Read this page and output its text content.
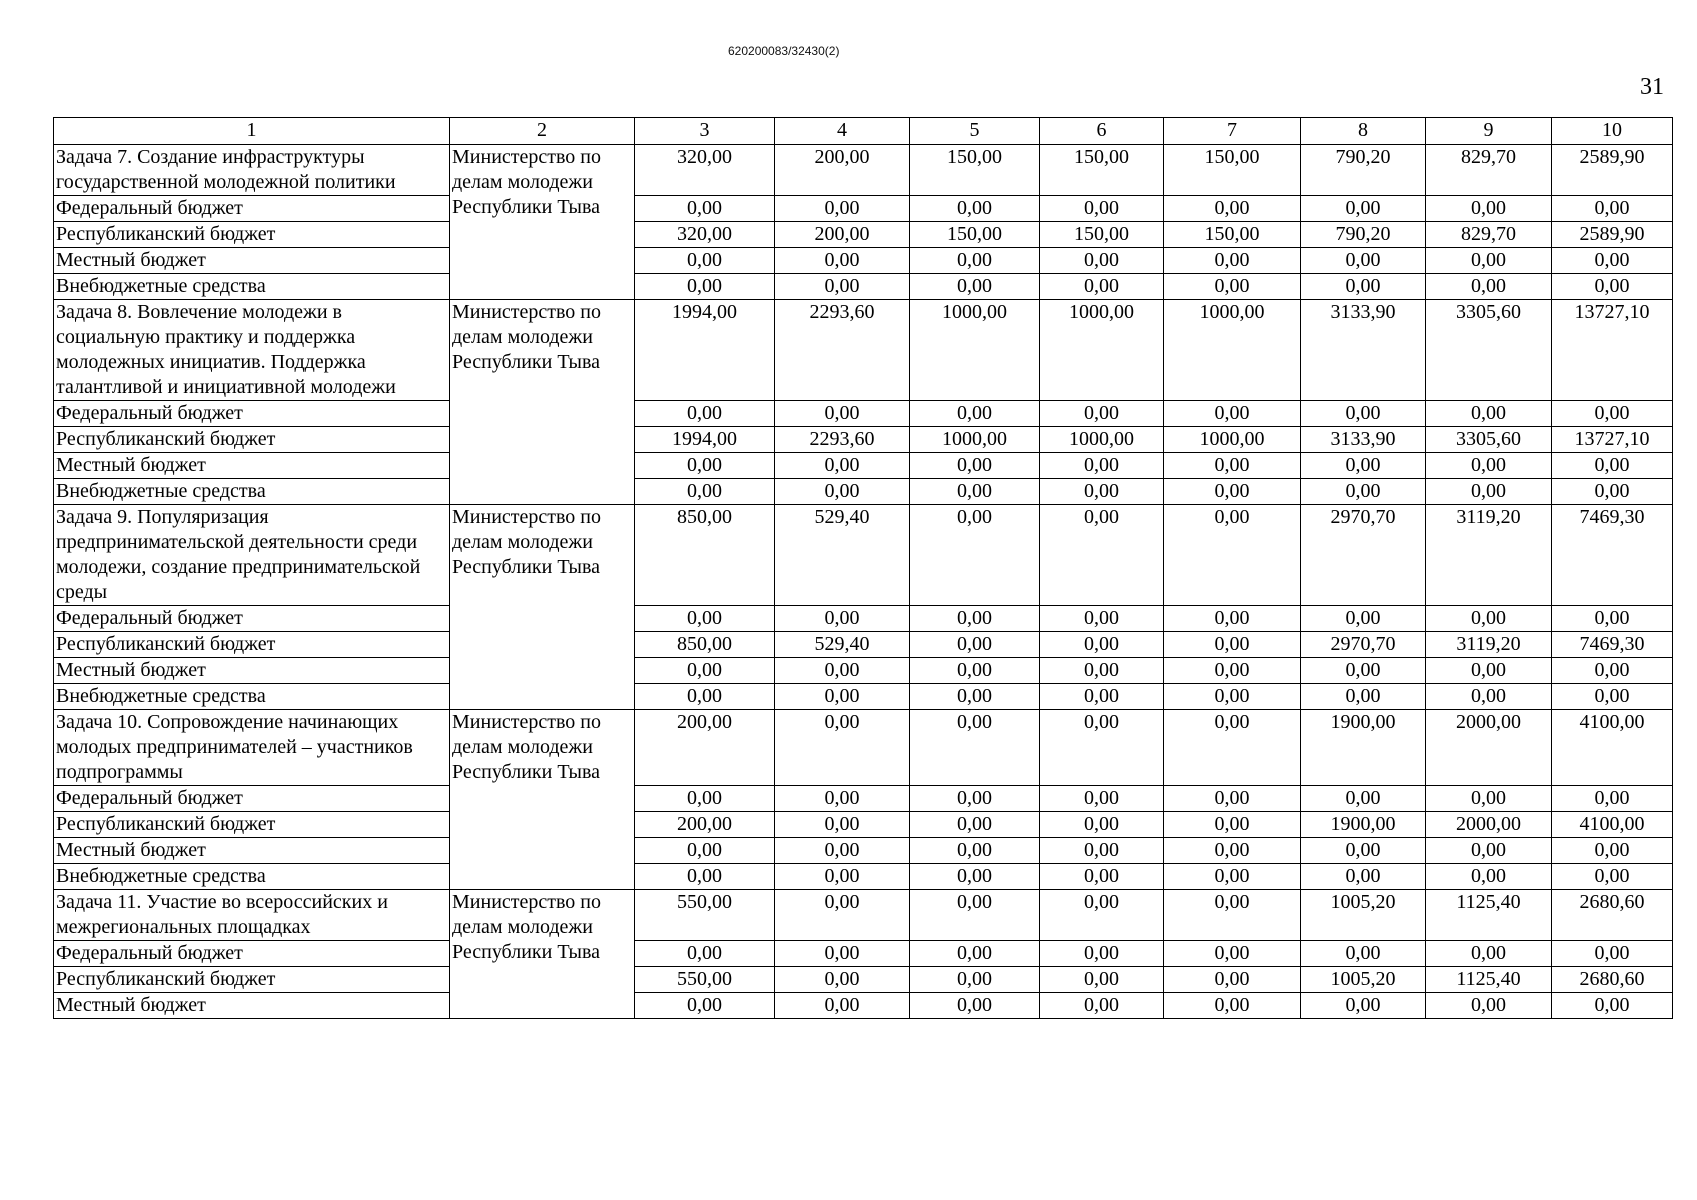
620200083/32430(2)
31
1	2	3	4	5	6	7	8	9	10
Задача 7. Создание инфраструктуры государственной молодежной политики	Министерство по делам молодежи Республики Тыва	320,00	200,00	150,00	150,00	150,00	790,20	829,70	2589,90
Федеральный бюджет		0,00	0,00	0,00	0,00	0,00	0,00	0,00	0,00
Республиканский бюджет		320,00	200,00	150,00	150,00	150,00	790,20	829,70	2589,90
Местный бюджет		0,00	0,00	0,00	0,00	0,00	0,00	0,00	0,00
Внебюджетные средства		0,00	0,00	0,00	0,00	0,00	0,00	0,00	0,00
Задача 8. Вовлечение молодежи в социальную практику и поддержка молодежных инициатив. Поддержка талантливой и инициативной молодежи	Министерство по делам молодежи Республики Тыва	1994,00	2293,60	1000,00	1000,00	1000,00	3133,90	3305,60	13727,10
Федеральный бюджет		0,00	0,00	0,00	0,00	0,00	0,00	0,00	0,00
Республиканский бюджет		1994,00	2293,60	1000,00	1000,00	1000,00	3133,90	3305,60	13727,10
Местный бюджет		0,00	0,00	0,00	0,00	0,00	0,00	0,00	0,00
Внебюджетные средства		0,00	0,00	0,00	0,00	0,00	0,00	0,00	0,00
Задача 9. Популяризация предпринимательской деятельности среди молодежи, создание предпринимательской среды	Министерство по делам молодежи Республики Тыва	850,00	529,40	0,00	0,00	0,00	2970,70	3119,20	7469,30
Федеральный бюджет		0,00	0,00	0,00	0,00	0,00	0,00	0,00	0,00
Республиканский бюджет		850,00	529,40	0,00	0,00	0,00	2970,70	3119,20	7469,30
Местный бюджет		0,00	0,00	0,00	0,00	0,00	0,00	0,00	0,00
Внебюджетные средства		0,00	0,00	0,00	0,00	0,00	0,00	0,00	0,00
Задача 10. Сопровождение начинающих молодых предпринимателей – участников подпрограммы	Министерство по делам молодежи Республики Тыва	200,00	0,00	0,00	0,00	0,00	1900,00	2000,00	4100,00
Федеральный бюджет		0,00	0,00	0,00	0,00	0,00	0,00	0,00	0,00
Республиканский бюджет		200,00	0,00	0,00	0,00	0,00	1900,00	2000,00	4100,00
Местный бюджет		0,00	0,00	0,00	0,00	0,00	0,00	0,00	0,00
Внебюджетные средства		0,00	0,00	0,00	0,00	0,00	0,00	0,00	0,00
Задача 11. Участие во всероссийских и межрегиональных площадках	Министерство по делам молодежи Республики Тыва	550,00	0,00	0,00	0,00	0,00	1005,20	1125,40	2680,60
Федеральный бюджет		0,00	0,00	0,00	0,00	0,00	0,00	0,00	0,00
Республиканский бюджет		550,00	0,00	0,00	0,00	0,00	1005,20	1125,40	2680,60
Местный бюджет		0,00	0,00	0,00	0,00	0,00	0,00	0,00	0,00
